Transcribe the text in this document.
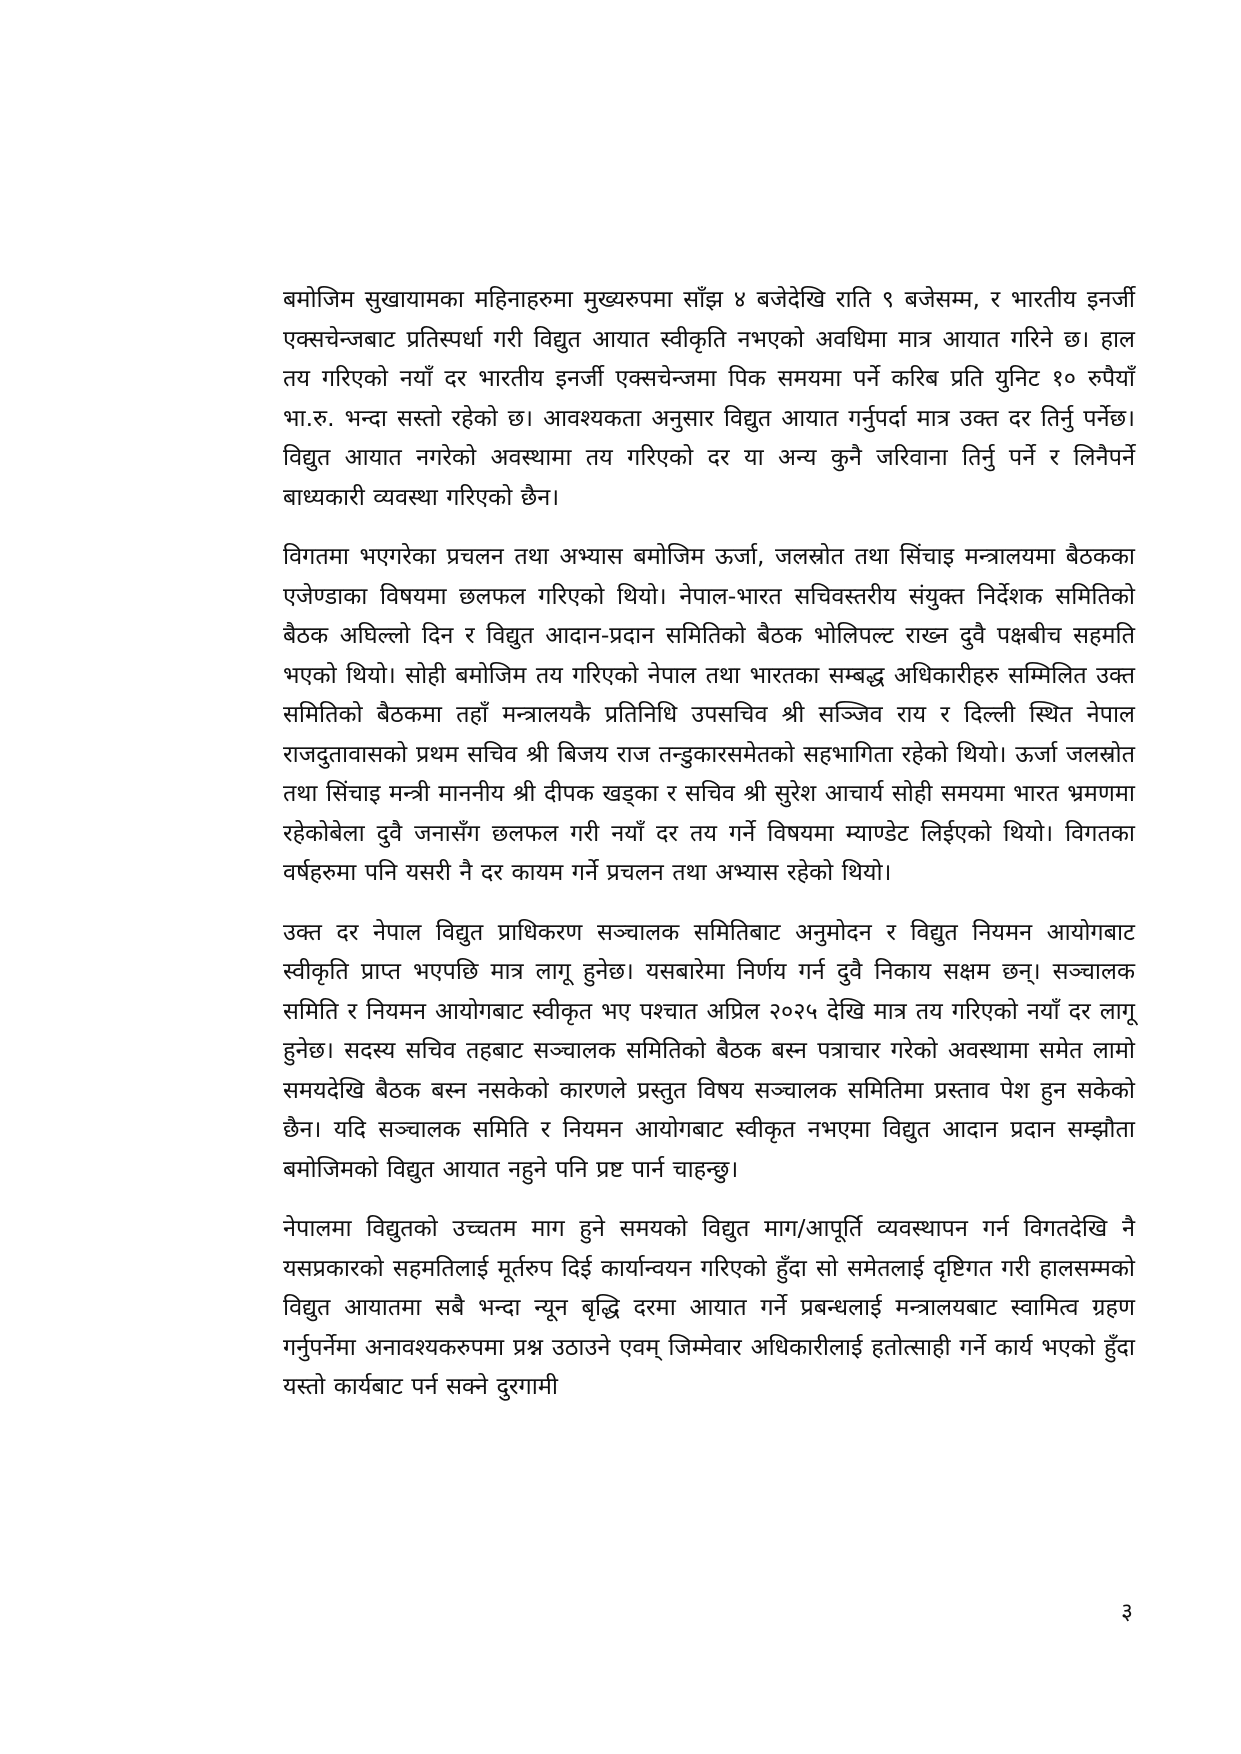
बमोजिम सुखायामका महिनाहरुमा मुख्यरुपमा साँझ ४ बजेदेखि राति ९ बजेसम्म, र भारतीय इनर्जी एक्सचेन्जबाट प्रतिस्पर्धा गरी विद्युत आयात स्वीकृति नभएको अवधिमा मात्र आयात गरिने छ। हाल तय गरिएको नयाँ दर भारतीय इनर्जी एक्सचेन्जमा पिक समयमा पर्ने करिब प्रति युनिट १० रुपैयाँ भा.रु. भन्दा सस्तो रहेको छ। आवश्यकता अनुसार विद्युत आयात गर्नुपर्दा मात्र उक्त दर तिर्नु पर्नेछ। विद्युत आयात नगरेको अवस्थामा तय गरिएको दर या अन्य कुनै जरिवाना तिर्नु पर्ने र लिनैपर्ने बाध्यकारी व्यवस्था गरिएको छैन।

विगतमा भएगरेका प्रचलन तथा अभ्यास बमोजिम ऊर्जा, जलस्रोत तथा सिंचाइ मन्त्रालयमा बैठकका एजेण्डाका विषयमा छलफल गरिएको थियो। नेपाल-भारत सचिवस्तरीय संयुक्त निर्देशक समितिको बैठक अघिल्लो दिन र विद्युत आदान-प्रदान समितिको बैठक भोलिपल्ट राख्न दुवै पक्षबीच सहमति भएको थियो। सोही बमोजिम तय गरिएको नेपाल तथा भारतका सम्बद्ध अधिकारीहरु सम्मिलित उक्त समितिको बैठकमा तहाँ मन्त्रालयकै प्रतिनिधि उपसचिव श्री सञ्जिव राय र दिल्ली स्थित नेपाल राजदुतावासको प्रथम सचिव श्री बिजय राज तन्डुकारसमेतको सहभागिता रहेको थियो। ऊर्जा जलस्रोत तथा सिंचाइ मन्त्री माननीय श्री दीपक खड्का र सचिव श्री सुरेश आचार्य सोही समयमा भारत भ्रमणमा रहेकोबेला दुवै जनासँग छलफल गरी नयाँ दर तय गर्ने विषयमा म्याण्डेट लिईएको थियो। विगतका वर्षहरुमा पनि यसरी नै दर कायम गर्ने प्रचलन तथा अभ्यास रहेको थियो।

उक्त दर नेपाल विद्युत प्राधिकरण सञ्चालक समितिबाट अनुमोदन र विद्युत नियमन आयोगबाट स्वीकृति प्राप्त भएपछि मात्र लागू हुनेछ। यसबारेमा निर्णय गर्न दुवै निकाय सक्षम छन्। सञ्चालक समिति र नियमन आयोगबाट स्वीकृत भए पश्चात अप्रिल २०२५ देखि मात्र तय गरिएको नयाँ दर लागू हुनेछ। सदस्य सचिव तहबाट सञ्चालक समितिको बैठक बस्न पत्राचार गरेको अवस्थामा समेत लामो समयदेखि बैठक बस्न नसकेको कारणले प्रस्तुत विषय सञ्चालक समितिमा प्रस्ताव पेश हुन सकेको छैन। यदि सञ्चालक समिति र नियमन आयोगबाट स्वीकृत नभएमा विद्युत आदान प्रदान सम्झौता बमोजिमको विद्युत आयात नहुने पनि प्रष्ट पार्न चाहन्छु।

नेपालमा विद्युतको उच्चतम माग हुने समयको विद्युत माग/आपूर्ति व्यवस्थापन गर्न विगतदेखि नै यसप्रकारको सहमतिलाई मूर्तरुप दिई कार्यान्वयन गरिएको हुँदा सो समेतलाई दृष्टिगत गरी हालसम्मको विद्युत आयातमा सबै भन्दा न्यून बृद्धि दरमा आयात गर्ने प्रबन्धलाई मन्त्रालयबाट स्वामित्व ग्रहण गर्नुपर्नेमा अनावश्यकरुपमा प्रश्न उठाउने एवम् जिम्मेवार अधिकारीलाई हतोत्साही गर्ने कार्य भएको हुँदा यस्तो कार्यबाट पर्न सक्ने दुरगामी

३
